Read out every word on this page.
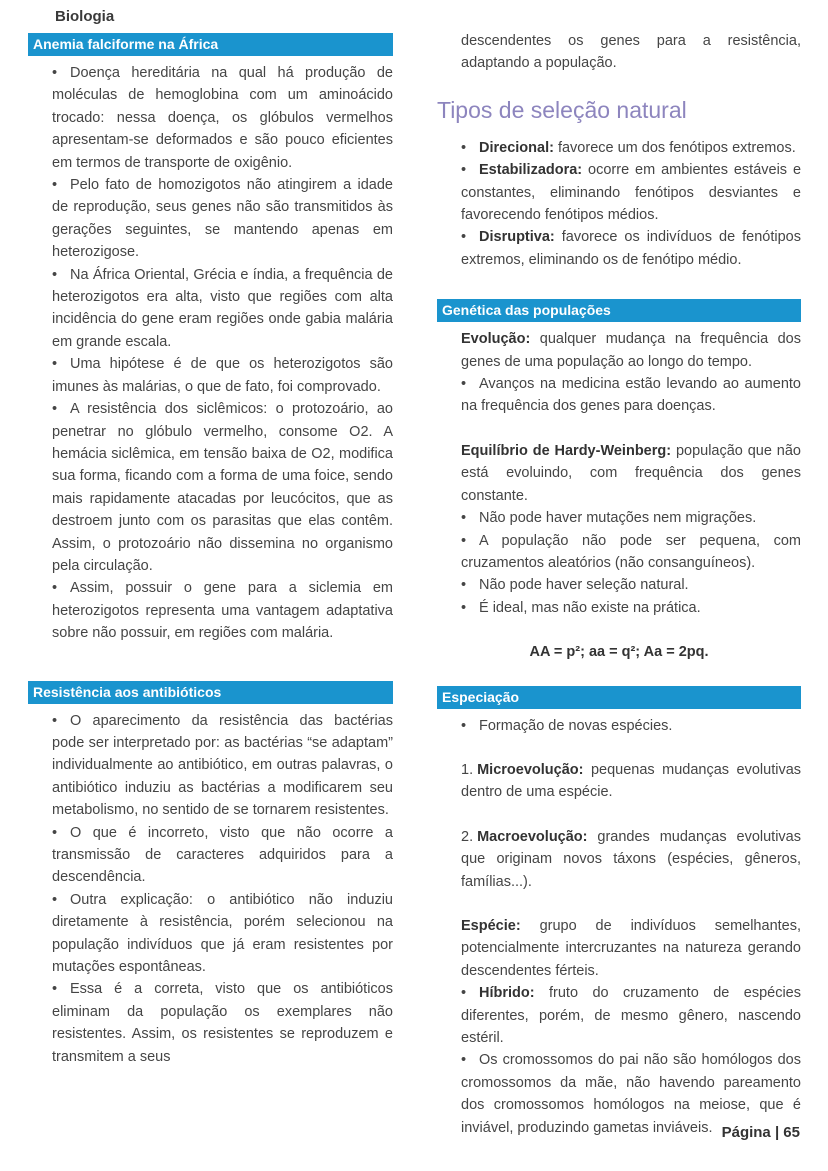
Biologia
Anemia falciforme na África

• Doença hereditária na qual há produção de moléculas de hemoglobina com um aminoácido trocado: nessa doença, os glóbulos vermelhos apresentam-se deformados e são pouco eficientes em termos de transporte de oxigênio.

• Pelo fato de homozigotos não atingirem a idade de reprodução, seus genes não são transmitidos às gerações seguintes, se mantendo apenas em heterozigose.

• Na África Oriental, Grécia e índia, a frequência de heterozigotos era alta, visto que regiões com alta incidência do gene eram regiões onde gabia malária em grande escala.

• Uma hipótese é de que os heterozigotos são imunes às malárias, o que de fato, foi comprovado.

• A resistência dos siclêmicos: o protozoário, ao penetrar no glóbulo vermelho, consome O2. A hemácia siclêmica, em tensão baixa de O2, modifica sua forma, ficando com a forma de uma foice, sendo mais rapidamente atacadas por leucócitos, que as destroem junto com os parasitas que elas contêm. Assim, o protozoário não dissemina no organismo pela circulação.

• Assim, possuir o gene para a siclemia em heterozigotos representa uma vantagem adaptativa sobre não possuir, em regiões com malária.

Resistência aos antibióticos

• O aparecimento da resistência das bactérias pode ser interpretado por: as bactérias “se adaptam” individualmente ao antibiótico, em outras palavras, o antibiótico induziu as bactérias a modificarem seu metabolismo, no sentido de se tornarem resistentes.

• O que é incorreto, visto que não ocorre a transmissão de caracteres adquiridos para a descendência.

• Outra explicação: o antibiótico não induziu diretamente à resistência, porém selecionou na população indivíduos que já eram resistentes por mutações espontâneas.

• Essa é a correta, visto que os antibióticos eliminam da população os exemplares não resistentes. Assim, os resistentes se reproduzem e transmitem a seus

descendentes os genes para a resistência, adaptando a população.

Tipos de seleção natural

• Direcional: favorece um dos fenótipos extremos.

• Estabilizadora: ocorre em ambientes estáveis e constantes, eliminando fenótipos desviantes e favorecendo fenótipos médios.

• Disruptiva: favorece os indivíduos de fenótipos extremos, eliminando os de fenótipo médio.

Genética das populações

Evolução: qualquer mudança na frequência dos genes de uma população ao longo do tempo.

• Avanços na medicina estão levando ao aumento na frequência dos genes para doenças.

Equilíbrio de Hardy-Weinberg: população que não está evoluindo, com frequência dos genes constante.

• Não pode haver mutações nem migrações.

• A população não pode ser pequena, com cruzamentos aleatórios (não consanguíneos).

• Não pode haver seleção natural.

• É ideal, mas não existe na prática.

AA = p²; aa = q²; Aa = 2pq.

Especiação

• Formação de novas espécies.

1. Microevolução: pequenas mudanças evolutivas dentro de uma espécie.

2. Macroevolução: grandes mudanças evolutivas que originam novos táxons (espécies, gêneros, famílias...).

Espécie: grupo de indivíduos semelhantes, potencialmente intercruzantes na natureza gerando descendentes férteis.

• Híbrido: fruto do cruzamento de espécies diferentes, porém, de mesmo gênero, nascendo estéril.

• Os cromossomos do pai não são homólogos dos cromossomos da mãe, não havendo pareamento dos cromossomos homólogos na meiose, que é inviável, produzindo gametas inviáveis. Página | 65
